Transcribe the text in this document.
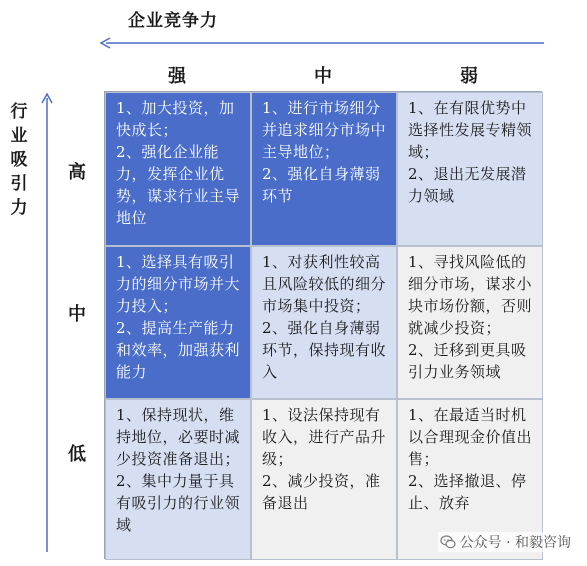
企业竞争力
行业吸引力
强	中	弱
高
中
低
1、加大投资，加快成长；
2、强化企业能力，发挥企业优势，谋求行业主导地位
1、进行市场细分并追求细分市场中主导地位；
2、强化自身薄弱环节
1、在有限优势中选择性发展专精领域；
2、退出无发展潜力领域
1、选择具有吸引力的细分市场并大力投入；
2、提高生产能力和效率，加强获利能力
1、对获利性较高且风险较低的细分市场集中投资；
2、强化自身薄弱环节，保持现有收入
1、寻找风险低的细分市场，谋求小块市场份额，否则就减少投资；
2、迁移到更具吸引力业务领域
1、保持现状，维持地位，必要时减少投资准备退出；
2、集中力量于具有吸引力的行业领域
1、设法保持现有收入，进行产品升级；
2、减少投资，准备退出
1、在最适当时机以合理现金价值出售；
2、选择撤退、停止、放弃
公众号 · 和毅咨询
